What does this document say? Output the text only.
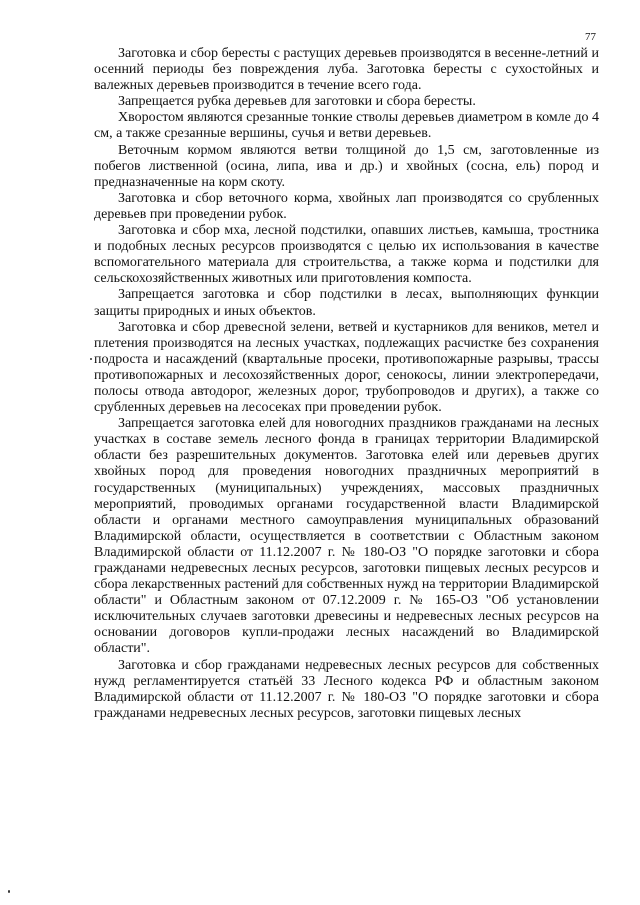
77

Заготовка и сбор бересты с растущих деревьев производятся в весенне-летний и осенний периоды без повреждения луба. Заготовка бересты с сухостойных и валежных деревьев производится в течение всего года.

Запрещается рубка деревьев для заготовки и сбора бересты.

Хворостом являются срезанные тонкие стволы деревьев диаметром в комле до 4 см, а также срезанные вершины, сучья и ветви деревьев.

Веточным кормом являются ветви толщиной до 1,5 см, заготовленные из побегов лиственной (осина, липа, ива и др.) и хвойных (сосна, ель) пород и предназначенные на корм скоту.

Заготовка и сбор веточного корма, хвойных лап производятся со срубленных деревьев при проведении рубок.

Заготовка и сбор мха, лесной подстилки, опавших листьев, камыша, тростника и подобных лесных ресурсов производятся с целью их использования в качестве вспомогательного материала для строительства, а также корма и подстилки для сельскохозяйственных животных или приготовления компоста.

Запрещается заготовка и сбор подстилки в лесах, выполняющих функции защиты природных и иных объектов.

Заготовка и сбор древесной зелени, ветвей и кустарников для веников, метел и плетения производятся на лесных участках, подлежащих расчистке без сохранения подроста и насаждений (квартальные просеки, противопожарные разрывы, трассы противопожарных и лесохозяйственных дорог, сенокосы, линии электропередачи, полосы отвода автодорог, железных дорог, трубопроводов и других), а также со срубленных деревьев на лесосеках при проведении рубок.

Запрещается заготовка елей для новогодних праздников гражданами на лесных участках в составе земель лесного фонда в границах территории Владимирской области без разрешительных документов. Заготовка елей или деревьев других хвойных пород для проведения новогодних праздничных мероприятий в государственных (муниципальных) учреждениях, массовых праздничных мероприятий, проводимых органами государственной власти Владимирской области и органами местного самоуправления муниципальных образований Владимирской области, осуществляется в соответствии с Областным законом Владимирской области от 11.12.2007 г. № 180-ОЗ "О порядке заготовки и сбора гражданами недревесных лесных ресурсов, заготовки пищевых лесных ресурсов и сбора лекарственных растений для собственных нужд на территории Владимирской области" и Областным законом от 07.12.2009 г. № 165-ОЗ "Об установлении исключительных случаев заготовки древесины и недревесных лесных ресурсов на основании договоров купли-продажи лесных насаждений во Владимирской области".

Заготовка и сбор гражданами недревесных лесных ресурсов для собственных нужд регламентируется статьёй 33 Лесного кодекса РФ и областным законом Владимирской области от 11.12.2007 г. № 180-ОЗ "О порядке заготовки и сбора гражданами недревесных лесных ресурсов, заготовки пищевых лесных
